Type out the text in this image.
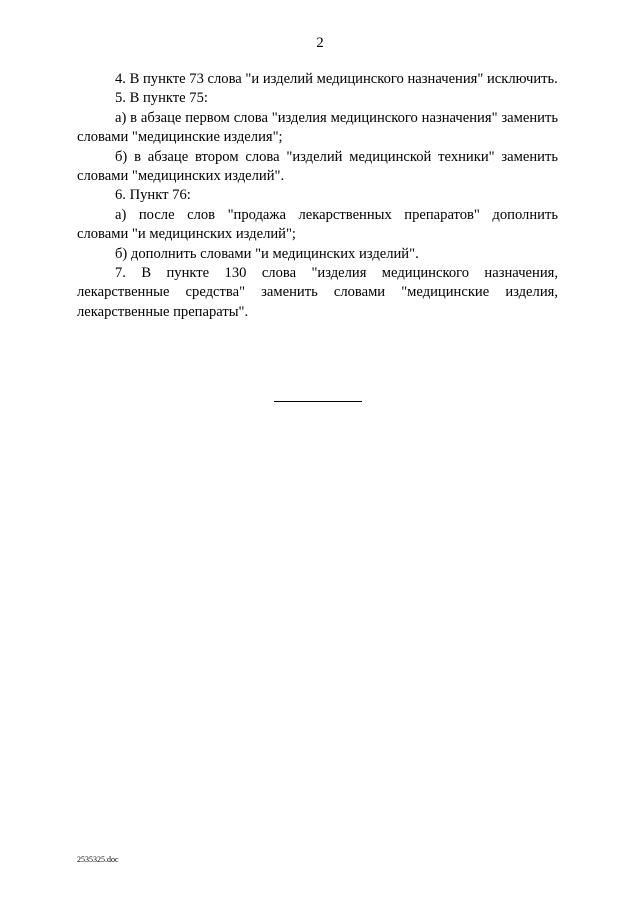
2

4. В пункте 73 слова "и изделий медицинского назначения" исключить.

5. В пункте 75:

а) в абзаце первом слова "изделия медицинского назначения" заменить словами "медицинские изделия";

б) в абзаце втором слова "изделий медицинской техники" заменить словами "медицинских изделий".

6. Пункт 76:

а) после слов "продажа лекарственных препаратов" дополнить словами "и медицинских изделий";

б) дополнить словами "и медицинских изделий".

7. В пункте 130 слова "изделия медицинского назначения, лекарственные средства" заменить словами "медицинские изделия, лекарственные препараты".

2535325.doc
